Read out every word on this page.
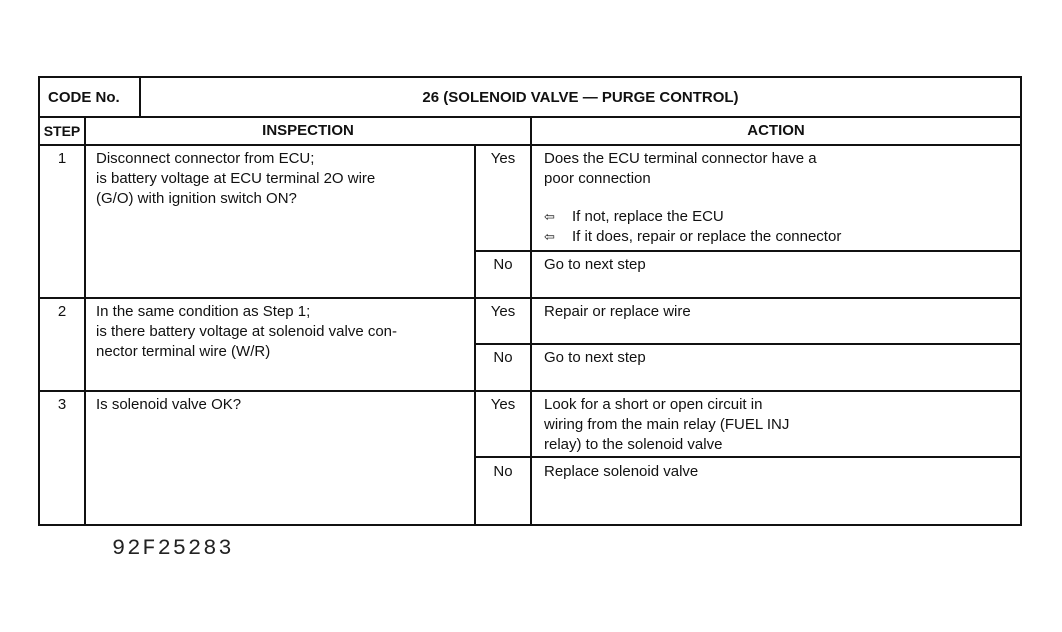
CODE No.	26 (SOLENOID VALVE — PURGE CONTROL)
STEP	INSPECTION	ACTION
1	Disconnect connector from ECU;
is battery voltage at ECU terminal 2O wire
(G/O) with ignition switch ON?
Yes	Does the ECU terminal connector have a
poor connection
⇦ If not, replace the ECU
⇦ If it does, repair or replace the connector
No	Go to next step
2	In the same condition as Step 1;
is there battery voltage at solenoid valve con-
nector terminal wire (W/R)
Yes	Repair or replace wire
No	Go to next step
3	Is solenoid valve OK?	Yes	Look for a short or open circuit in
wiring from the main relay (FUEL INJ
relay) to the solenoid valve
No	Replace solenoid valve
92F25283
